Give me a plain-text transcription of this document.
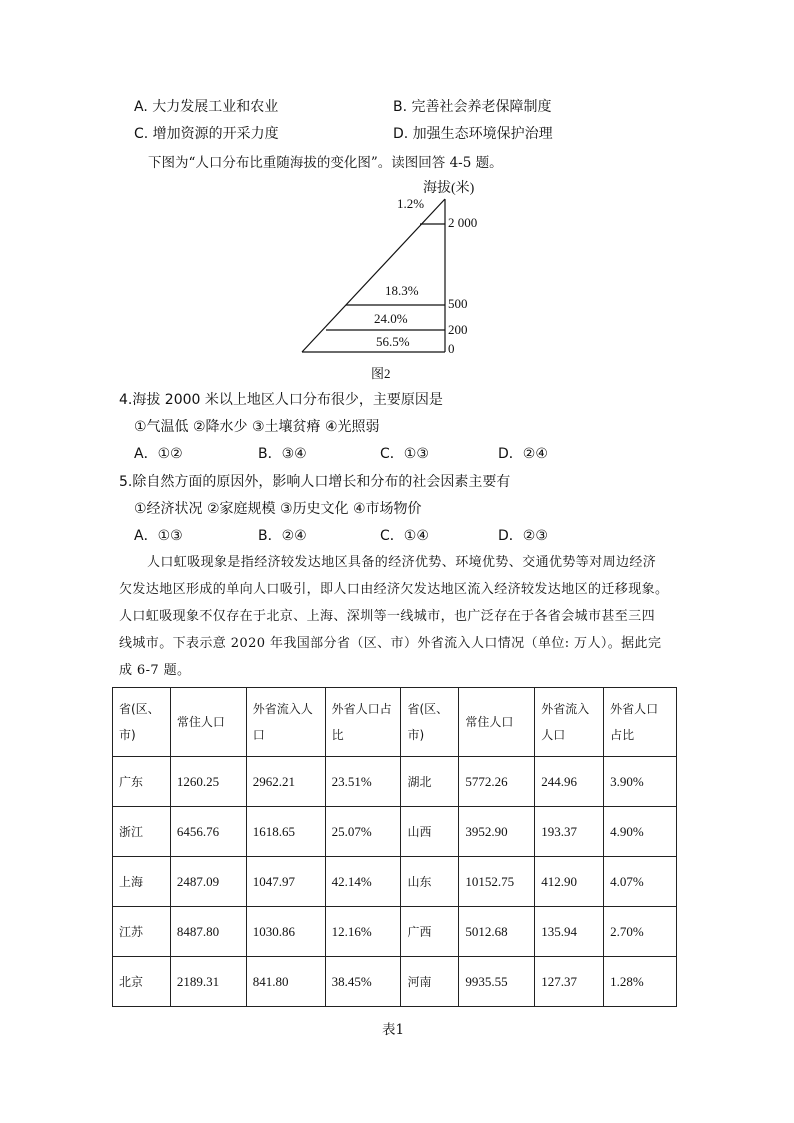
A. 大力发展工业和农业	B. 完善社会养老保障制度
C. 增加资源的开采力度	D. 加强生态环境保护治理
下图为“人口分布比重随海拔的变化图”。读图回答 4-5 题。
海拔(米)
2 000
500
200
0
1.2%
18.3%
24.0%
56.5%
图2
4.海拔 2000 米以上地区人口分布很少，主要原因是
①气温低 ②降水少 ③土壤贫瘠 ④光照弱
A．①②	B．③④	C．①③	D．②④
5.除自然方面的原因外，影响人口增长和分布的社会因素主要有
①经济状况 ②家庭规模 ③历史文化 ④市场物价
A．①③	B．②④	C．①④	D．②③
人口虹吸现象是指经济较发达地区具备的经济优势、环境优势、交通优势等对周边经济
欠发达地区形成的单向人口吸引，即人口由经济欠发达地区流入经济较发达地区的迁移现象。
人口虹吸现象不仅存在于北京、上海、深圳等一线城市，也广泛存在于各省会城市甚至三四
线城市。下表示意 2020 年我国部分省（区、市）外省流入人口情况（单位: 万人）。据此完
成 6-7 题。
省(区、市)	常住人口	外省流入人口	外省人口占比	省(区、市)	常住人口	外省流入人口	外省人口占比
广东	1260.25	2962.21	23.51%	湖北	5772.26	244.96	3.90%
浙江	6456.76	1618.65	25.07%	山西	3952.90	193.37	4.90%
上海	2487.09	1047.97	42.14%	山东	10152.75	412.90	4.07%
江苏	8487.80	1030.86	12.16%	广西	5012.68	135.94	2.70%
北京	2189.31	841.80	38.45%	河南	9935.55	127.37	1.28%
表1
